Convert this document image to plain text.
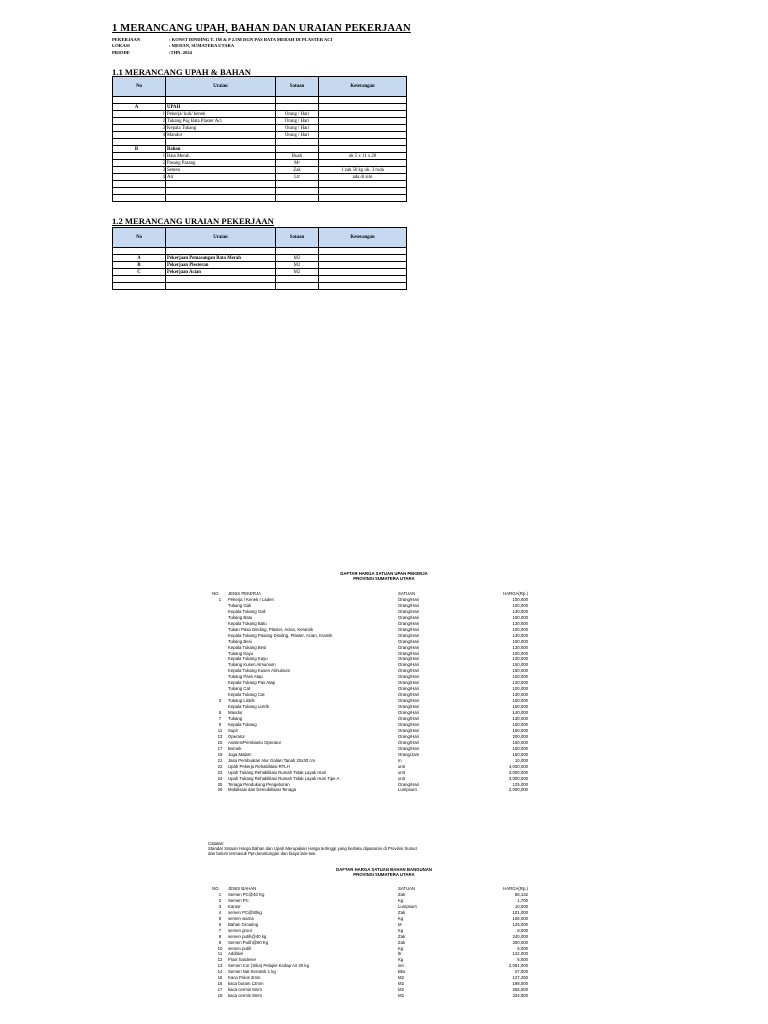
1 MERANCANG UPAH, BAHAN DAN URAIAN PEKERJAAN
PEKERJAAN	: KONST DINDING T. 1M & P 2.5M DGN PAS BATA MERAH DI PLASTER ACI
LOKASI	: MEDAN, SUMATERA UTARA
PRIODE	:THN. 2024
1.1 MERANCANG UPAH & BAHAN
No	Uraian	Satuan	Keterangan

A	UPAH		
1	Pekerja/ kuli/ kenek	Orang / Hari	
2	Tukang Psg Bata Plaster Aci	Orang / Hari	
3	Kepala Tukang	Orang / Hari	
4	Mandor	Orang / Hari	

B	Bahan		
1	Bata Merah	Buah	uk 5 x 11 x 20
2	Pasang Pasang	M³	
3	Semen	Zak	1 zak 50 kg uk. 3 roda
4	Air	Ltr	ada di situ

1.2 MERANCANG URAIAN PEKERJAAN
No	Uraian	Satuan	Keterangan

A	Pekerjaan Pemasangan Bata Merah	M2	
B	Pekerjaan Plesteran	M2	
C	Pekerjaan Acian	M2	

DAFTAR HARGA SATUAN UPAH PEKERJA
PROVINSI SUMATERA UTARA
NO.	JENIS PEKERJA	SATUAN	HARGA(Rp.)
1	Pekerja / Kenek / Laden	Orang/Hari	100,000
	Tukang Gali	Orang/Hari	100,000
	Kepala Tukang Gali	Orang/Hari	130,000
	Tukang Batu	Orang/Hari	100,000
	Kepala Tukang Batu	Orang/Hari	130,000
	Tukan Pasa Dinding, Plaster, Acian, Keramik	Orang/Hari	100,000
	Kepala Tukang Pasang Dinding, Plaster, Acian, Kramik	Orang/Hari	130,000
	Tukang Besi	Orang/Hari	100,000
	Kepala Tukang Besi	Orang/Hari	130,000
	Tukang Kayu	Orang/Hari	100,000
	Kepala Tukang Kayu	Orang/Hari	130,000
	Tukang Kusen Almunium	Orang/Hari	150,000
	Kepala Tukang Kusen Almunium	Orang/Hari	160,000
	Tukang Pass Atap	Orang/Hari	100,000
	Kepala Tukang Pas Atap	Orang/Hari	130,000
	Tukang Cat	Orang/Hari	100,000
	Kepala Tukang Cat	Orang/Hari	130,000
3	Tukang Listrik	Orang/Hari	150,000
	Kepala Tukang Listrik	Orang/Hari	160,000
5	Mandor	Orang/Hari	140,000
7	Tukang	Orang/Hari	130,000
9	Kepala Tukang	Orang/Hari	150,000
11	Supir	Orang/Hari	150,000
13	Operator	Orang/Hari	200,000
15	Asisten/Pembantu Operator	Orang/Hari	160,000
17	Bomek	Orang/Hari	150,000
19	Juga Malam	Orang/Jam	150,000
21	Jasa Pembuatan Alur Galian Tanah 20x30 cm	m	10,000
22	Upah Pekerja Rehabilitasi RTLH	unit	4,000,000
23	Upah Tukang Rehabilitasi Rumah Tidak Layak Huni	unit	3,000,000
24	Upah Tukang Rehabilitasi Rumah Tidak Layak Huni Tipe A	unit	3,000,000
25	Tenaga Pendukung Pengeboran	Orang/Hari	125,000
26	Mobilisasi dan Demobilisasi Tenaga	Lumpsum	2,000,000
Catatan:
Standar Satuan Harga Bahan dan Upah Merupakan Harga tertinggi yang berlaku dipasaran di Provinsi Sumut
dan belum termasuk Ppn,keuntungan dan biaya lain-lain.
DAFTAR HARGA SATUAN BAHAN BANGUNAN
PROVINSI SUMATERA UTARA
NO.	JENIS BAHAN	SATUAN	HARGA(Rp.)
1	Semen PC@40 Kg	Zak	66,132
2	Semen PC	Kg	1,700
3	Kantor	Lumpsum	10,000
4	semen PC@50kg	Zak	101,000
5	semen warna	Kg	106,000
6	Bahan Grouting	M	125,000
7	semen grout	Kg	8,000
8	semen putih@40 kg	Zak	240,000
9	Semen Putih@50 Kg	Zak	300,000
10	semen putih	Kg	6,000
11	Additive	ltr	122,000
12	Floor hardener	Kg	5,000
13	Semen Cor (Sika) Pelapis Kedap Air 20 kg	set	2,091,000
14	Semen Nat Keramik 1 kg	Bks	27,000
15	Kaca Polos 3mm	M2	127,250
16	kaca buram 12mm	M2	198,000
17	kaca cermin 5mm	M2	255,500
18	kaca cermin 8mm	M2	334,800
